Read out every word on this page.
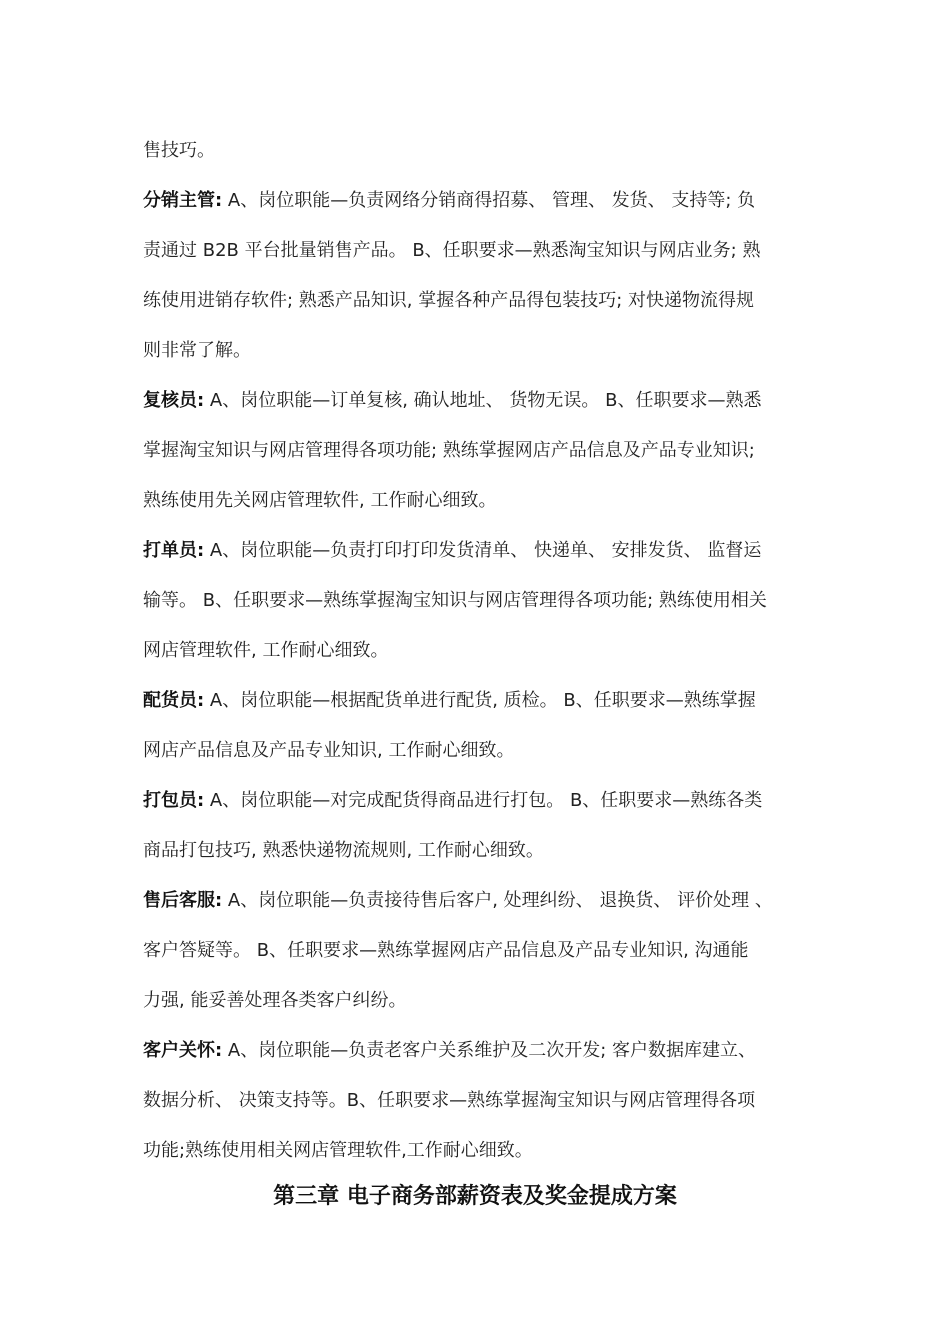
售技巧。
分销主管: A、岗位职能—负责网络分销商得招募、 管理、 发货、 支持等; 负
责通过 B2B 平台批量销售产品。 B、任职要求—熟悉淘宝知识与网店业务; 熟
练使用进销存软件; 熟悉产品知识, 掌握各种产品得包装技巧; 对快递物流得规
则非常了解。
复核员: A、岗位职能—订单复核, 确认地址、 货物无误。 B、任职要求—熟悉
掌握淘宝知识与网店管理得各项功能; 熟练掌握网店产品信息及产品专业知识;
熟练使用先关网店管理软件, 工作耐心细致。
打单员: A、岗位职能—负责打印打印发货清单、 快递单、 安排发货、 监督运
输等。 B、任职要求—熟练掌握淘宝知识与网店管理得各项功能; 熟练使用相关
网店管理软件, 工作耐心细致。
配货员: A、岗位职能—根据配货单进行配货, 质检。 B、任职要求—熟练掌握
网店产品信息及产品专业知识, 工作耐心细致。
打包员: A、岗位职能—对完成配货得商品进行打包。 B、任职要求—熟练各类
商品打包技巧, 熟悉快递物流规则, 工作耐心细致。
售后客服: A、岗位职能—负责接待售后客户, 处理纠纷、 退换货、 评价处理 、
客户答疑等。 B、任职要求—熟练掌握网店产品信息及产品专业知识, 沟通能
力强, 能妥善处理各类客户纠纷。
客户关怀: A、岗位职能—负责老客户关系维护及二次开发; 客户数据库建立、
数据分析、 决策支持等。B、任职要求—熟练掌握淘宝知识与网店管理得各项
功能;熟练使用相关网店管理软件,工作耐心细致。
第三章 电子商务部薪资表及奖金提成方案
